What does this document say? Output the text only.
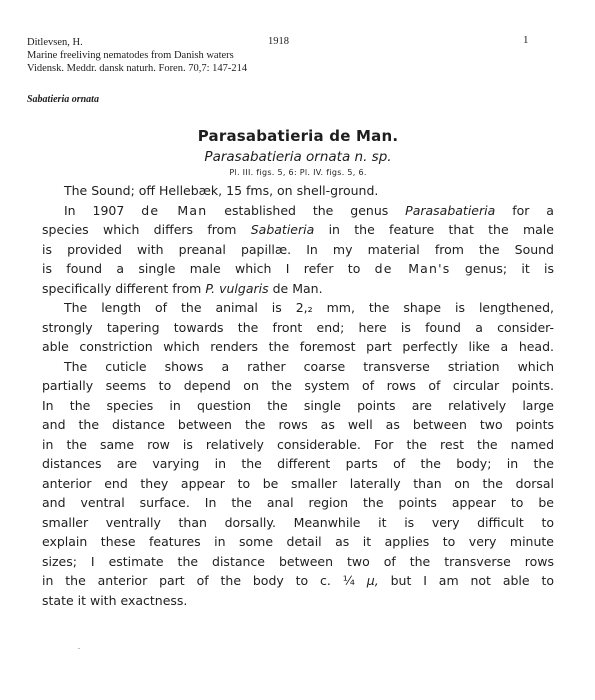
Ditlevsen, H.
Marine freeliving nematodes from Danish waters
Vidensk. Meddr. dansk naturh. Foren. 70,7: 147-214
1918	1
Sabatieria ornata
Parasabatieria de Man.

Parasabatieria ornata n. sp.

Pl. III. figs. 5, 6: Pl. IV. figs. 5, 6.

The Sound; off Hellebæk, 15 fms, on shell-ground.

In 1907 de Man established the genus Parasabatieria for a
species which differs from Sabatieria in the feature that the male
is provided with preanal papillæ. In my material from the Sound
is found a single male which I refer to de Man's genus; it is
specifically different from P. vulgaris de Man.

The length of the animal is 2,₂ mm, the shape is lengthened,
strongly tapering towards the front end; here is found a consider-
able constriction which renders the foremost part perfectly like a head.

The cuticle shows a rather coarse transverse striation which
partially seems to depend on the system of rows of circular points.
In the species in question the single points are relatively large
and the distance between the rows as well as between two points
in the same row is relatively considerable. For the rest the named
distances are varying in the different parts of the body; in the
anterior end they appear to be smaller laterally than on the dorsal
and ventral surface. In the anal region the points appear to be
smaller ventrally than dorsally. Meanwhile it is very difficult to
explain these features in some detail as it applies to very minute
sizes; I estimate the distance between two of the transverse rows
in the anterior part of the body to c. ¼ μ, but I am not able to
state it with exactness.
